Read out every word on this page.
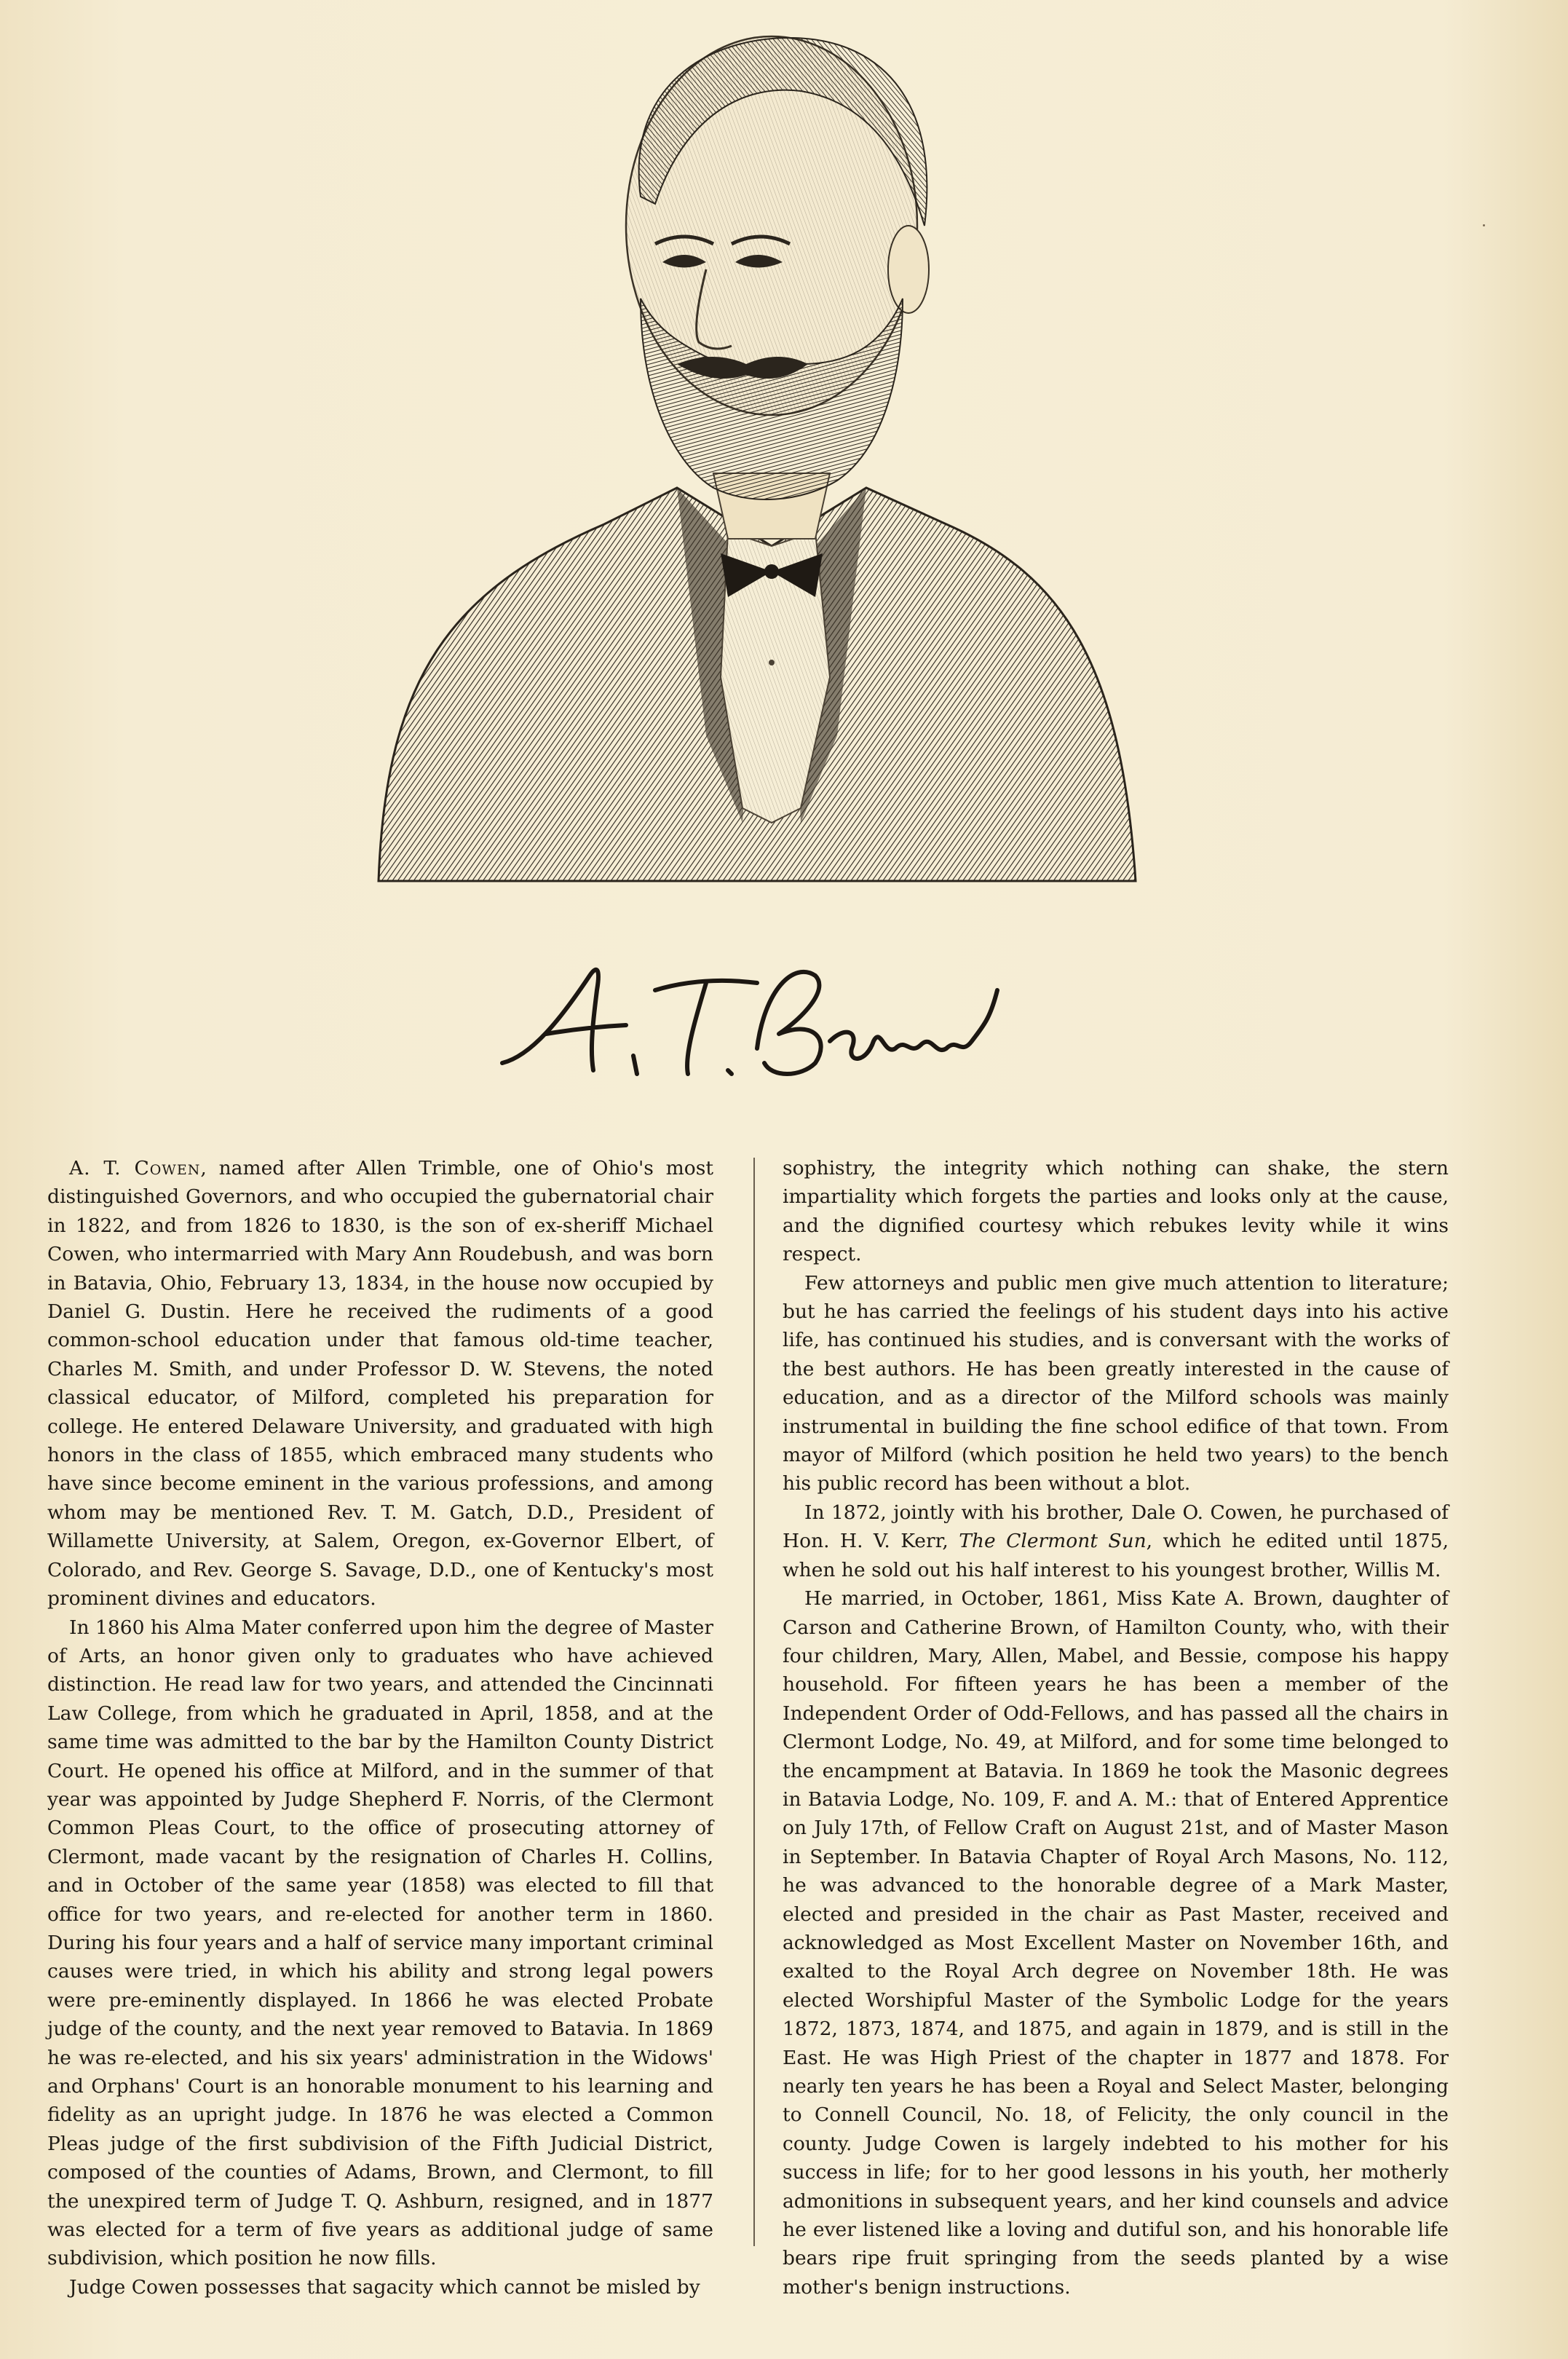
A. T. Cowen, named after Allen Trimble, one of Ohio's most distinguished Governors, and who occupied the gubernatorial chair in 1822, and from 1826 to 1830, is the son of ex-sheriff Michael Cowen, who intermarried with Mary Ann Roudebush, and was born in Batavia, Ohio, February 13, 1834, in the house now occupied by Daniel G. Dustin. Here he received the rudiments of a good common-school education under that famous old-time teacher, Charles M. Smith, and under Professor D. W. Stevens, the noted classical educator, of Milford, completed his preparation for college. He entered Delaware University, and graduated with high honors in the class of 1855, which embraced many students who have since become eminent in the various professions, and among whom may be mentioned Rev. T. M. Gatch, D.D., President of Willamette University, at Salem, Oregon, ex-Governor Elbert, of Colorado, and Rev. George S. Savage, D.D., one of Kentucky's most prominent divines and educators.

In 1860 his Alma Mater conferred upon him the degree of Master of Arts, an honor given only to graduates who have achieved distinction. He read law for two years, and attended the Cincinnati Law College, from which he graduated in April, 1858, and at the same time was admitted to the bar by the Hamilton County District Court. He opened his office at Milford, and in the summer of that year was appointed by Judge Shepherd F. Norris, of the Clermont Common Pleas Court, to the office of prosecuting attorney of Clermont, made vacant by the resignation of Charles H. Collins, and in October of the same year (1858) was elected to fill that office for two years, and re-elected for another term in 1860. During his four years and a half of service many important criminal causes were tried, in which his ability and strong legal powers were pre-eminently displayed. In 1866 he was elected Probate judge of the county, and the next year removed to Batavia. In 1869 he was re-elected, and his six years' administration in the Widows' and Orphans' Court is an honorable monument to his learning and fidelity as an upright judge. In 1876 he was elected a Common Pleas judge of the first subdivision of the Fifth Judicial District, composed of the counties of Adams, Brown, and Clermont, to fill the unexpired term of Judge T. Q. Ashburn, resigned, and in 1877 was elected for a term of five years as additional judge of same subdivision, which position he now fills.

Judge Cowen possesses that sagacity which cannot be misled by

sophistry, the integrity which nothing can shake, the stern impartiality which forgets the parties and looks only at the cause, and the dignified courtesy which rebukes levity while it wins respect.

Few attorneys and public men give much attention to literature; but he has carried the feelings of his student days into his active life, has continued his studies, and is conversant with the works of the best authors. He has been greatly interested in the cause of education, and as a director of the Milford schools was mainly instrumental in building the fine school edifice of that town. From mayor of Milford (which position he held two years) to the bench his public record has been without a blot.

In 1872, jointly with his brother, Dale O. Cowen, he purchased of Hon. H. V. Kerr, The Clermont Sun, which he edited until 1875, when he sold out his half interest to his youngest brother, Willis M.

He married, in October, 1861, Miss Kate A. Brown, daughter of Carson and Catherine Brown, of Hamilton County, who, with their four children, Mary, Allen, Mabel, and Bessie, compose his happy household. For fifteen years he has been a member of the Independent Order of Odd-Fellows, and has passed all the chairs in Clermont Lodge, No. 49, at Milford, and for some time belonged to the encampment at Batavia. In 1869 he took the Masonic degrees in Batavia Lodge, No. 109, F. and A. M.: that of Entered Apprentice on July 17th, of Fellow Craft on August 21st, and of Master Mason in September. In Batavia Chapter of Royal Arch Masons, No. 112, he was advanced to the honorable degree of a Mark Master, elected and presided in the chair as Past Master, received and acknowledged as Most Excellent Master on November 16th, and exalted to the Royal Arch degree on November 18th. He was elected Worshipful Master of the Symbolic Lodge for the years 1872, 1873, 1874, and 1875, and again in 1879, and is still in the East. He was High Priest of the chapter in 1877 and 1878. For nearly ten years he has been a Royal and Select Master, belonging to Connell Council, No. 18, of Felicity, the only council in the county. Judge Cowen is largely indebted to his mother for his success in life; for to her good lessons in his youth, her motherly admonitions in subsequent years, and her kind counsels and advice he ever listened like a loving and dutiful son, and his honorable life bears ripe fruit springing from the seeds planted by a wise mother's benign instructions.
